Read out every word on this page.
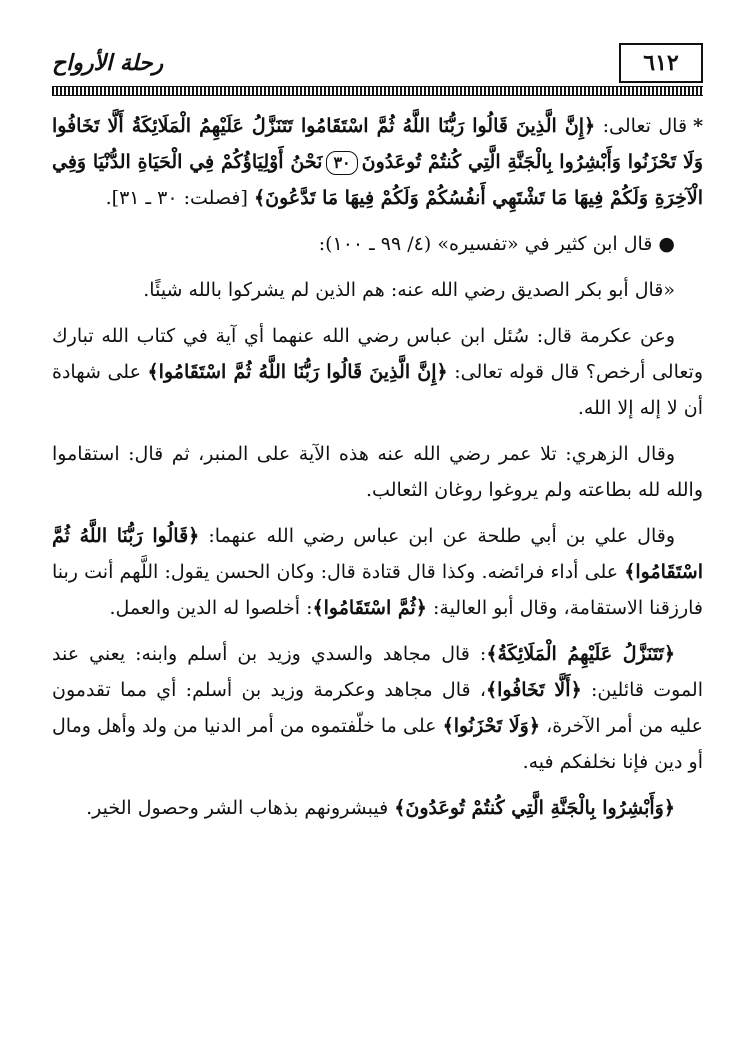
٦١٢
رحلة الأرواح

*قال تعالى: ﴿إِنَّ الَّذِينَ قَالُوا رَبُّنَا اللَّهُ ثُمَّ اسْتَقَامُوا تَتَنَزَّلُ عَلَيْهِمُ الْمَلَائِكَةُ أَلَّا تَخَافُوا وَلَا تَحْزَنُوا وَأَبْشِرُوا بِالْجَنَّةِ الَّتِي كُنتُمْ تُوعَدُونَ٣٠نَحْنُ أَوْلِيَاؤُكُمْ فِي الْحَيَاةِ الدُّنْيَا وَفِي الْآخِرَةِ وَلَكُمْ فِيهَا مَا تَشْتَهِي أَنفُسُكُمْ وَلَكُمْ فِيهَا مَا تَدَّعُونَ﴾ [فصلت: ٣٠ ـ ٣١].

●قال ابن كثير في «تفسيره» (٤/ ٩٩ ـ ١٠٠):

«قال أبو بكر الصديق رضي الله عنه: هم الذين لم يشركوا بالله شيئًا.

وعن عكرمة قال: سُئل ابن عباس رضي الله عنهما أي آية في كتاب الله تبارك وتعالى أرخص؟ قال قوله تعالى: ﴿إِنَّ الَّذِينَ قَالُوا رَبُّنَا اللَّهُ ثُمَّ اسْتَقَامُوا﴾ على شهادة أن لا إله إلا الله.

وقال الزهري: تلا عمر رضي الله عنه هذه الآية على المنبر، ثم قال: استقاموا والله لله بطاعته ولم يروغوا روغان الثعالب.

وقال علي بن أبي طلحة عن ابن عباس رضي الله عنهما: ﴿قَالُوا رَبُّنَا اللَّهُ ثُمَّ اسْتَقَامُوا﴾ على أداء فرائضه. وكذا قال قتادة قال: وكان الحسن يقول: اللَّهم أنت ربنا فارزقنا الاستقامة، وقال أبو العالية: ﴿ثُمَّ اسْتَقَامُوا﴾: أخلصوا له الدين والعمل.

﴿تَتَنَزَّلُ عَلَيْهِمُ الْمَلَائِكَةُ﴾: قال مجاهد والسدي وزيد بن أسلم وابنه: يعني عند الموت قائلين: ﴿أَلَّا تَخَافُوا﴾، قال مجاهد وعكرمة وزيد بن أسلم: أي مما تقدمون عليه من أمر الآخرة، ﴿وَلَا تَحْزَنُوا﴾ على ما خلّفتموه من أمر الدنيا من ولد وأهل ومال أو دين فإنا نخلفكم فيه.

﴿وَأَبْشِرُوا بِالْجَنَّةِ الَّتِي كُنتُمْ تُوعَدُونَ﴾ فيبشرونهم بذهاب الشر وحصول الخير.
